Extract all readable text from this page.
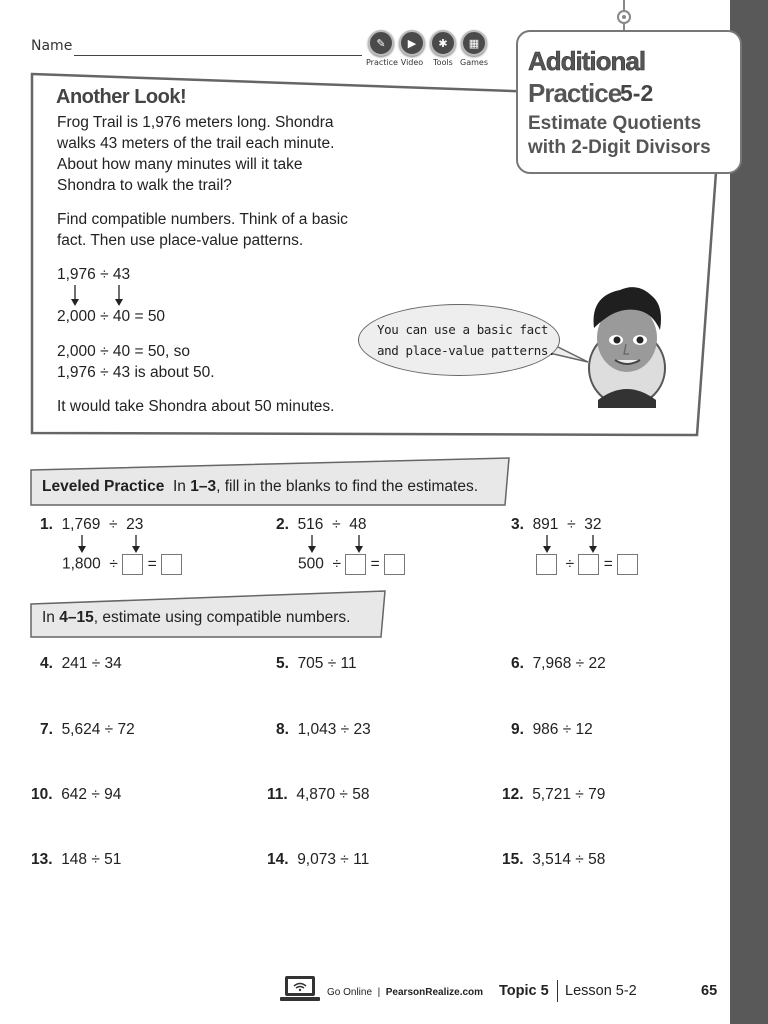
Name	✎
Practice
▶
Video
✱
Tools
▦
Games Additional
Practice
5-2
Estimate Quotients
with 2-Digit Divisors
Another Look!
Frog Trail is 1,976 meters long. Shondra
walks 43 meters of the trail each minute.
About how many minutes will it take
Shondra to walk the trail?
Find compatible numbers. Think of a basic
fact. Then use place-value patterns.
1,976 ÷ 43
2,000 ÷ 40 = 50
2,000 ÷ 40 = 50, so
1,976 ÷ 43 is about 50.
It would take Shondra about 50 minutes.
You can use a basic fact
and place-value patterns.
Leveled Practice In 1–3, fill in the blanks to find the estimates.
1. 1,769 ÷ 23
1,800 ÷ =
2. 516 ÷ 48
500 ÷ =
3. 891 ÷ 32
÷ =
In 4–15, estimate using compatible numbers.
4. 241 ÷ 34	5. 705 ÷ 11	6. 7,968 ÷ 22
7. 5,624 ÷ 72	8. 1,043 ÷ 23	9. 986 ÷ 12
10. 642 ÷ 94	11. 4,870 ÷ 58	12. 5,721 ÷ 79
13. 148 ÷ 51	14. 9,073 ÷ 11	15. 3,514 ÷ 58
Go Online | PearsonRealize.com Topic 5 Lesson 5-2	65
